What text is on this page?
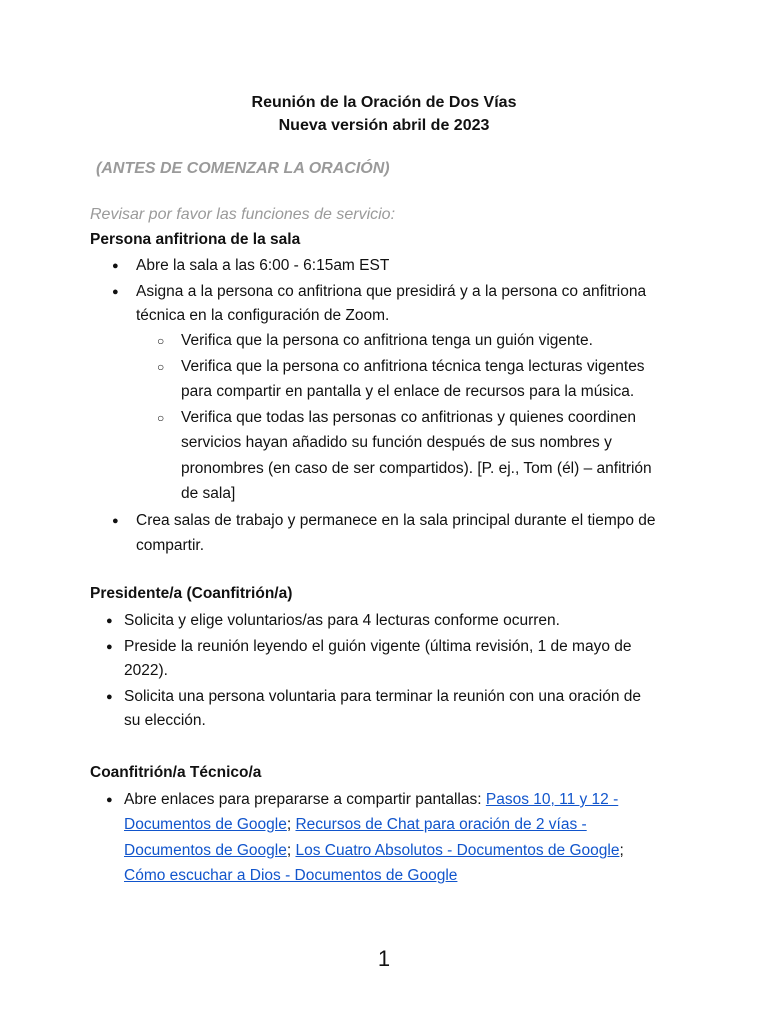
Reunión de la Oración de Dos Vías
Nueva versión abril de 2023
(ANTES DE COMENZAR LA ORACIÓN)
Revisar por favor las funciones de servicio:
Persona anfitriona de la sala
● Abre la sala a las 6:00 - 6:15am EST
● Asigna a la persona co anfitriona que presidirá y a la persona co anfitriona
técnica en la configuración de Zoom.
○ Verifica que la persona co anfitriona tenga un guión vigente.
○ Verifica que la persona co anfitriona técnica tenga lecturas vigentes
para compartir en pantalla y el enlace de recursos para la música.
○ Verifica que todas las personas co anfitrionas y quienes coordinen
servicios hayan añadido su función después de sus nombres y
pronombres (en caso de ser compartidos). [P. ej., Tom (él) – anfitrión
de sala]
● Crea salas de trabajo y permanece en la sala principal durante el tiempo de
compartir.
Presidente/a (Coanfitrión/a)
● Solicita y elige voluntarios/as para 4 lecturas conforme ocurren.
● Preside la reunión leyendo el guión vigente (última revisión, 1 de mayo de
2022).
● Solicita una persona voluntaria para terminar la reunión con una oración de
su elección.
Coanfitrión/a Técnico/a
● Abre enlaces para prepararse a compartir pantallas: Pasos 10, 11 y 12 -
Documentos de Google; Recursos de Chat para oración de 2 vías -
Documentos de Google; Los Cuatro Absolutos - Documentos de Google;
Cómo escuchar a Dios - Documentos de Google
1
